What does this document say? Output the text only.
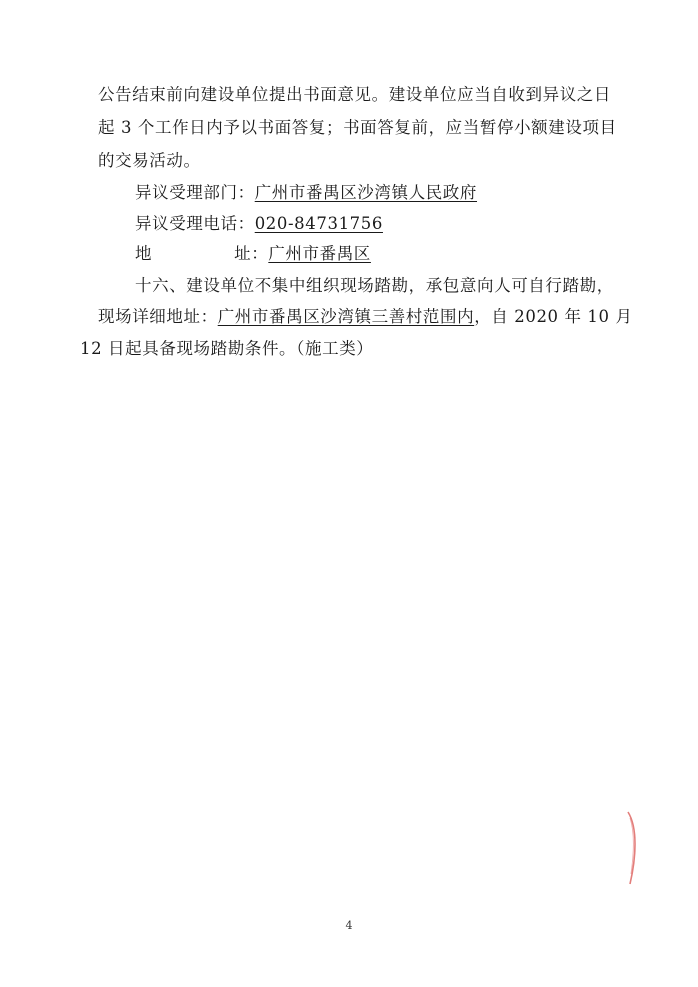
公告结束前向建设单位提出书面意见。建设单位应当自收到异议之日
起 3 个工作日内予以书面答复；书面答复前，应当暂停小额建设项目
的交易活动。
异议受理部门：广州市番禺区沙湾镇人民政府
异议受理电话：020-84731756
地	址：广州市番禺区
十六、建设单位不集中组织现场踏勘，承包意向人可自行踏勘，
现场详细地址：广州市番禺区沙湾镇三善村范围内，自 2020 年 10 月
12 日起具备现场踏勘条件。（施工类）
4
